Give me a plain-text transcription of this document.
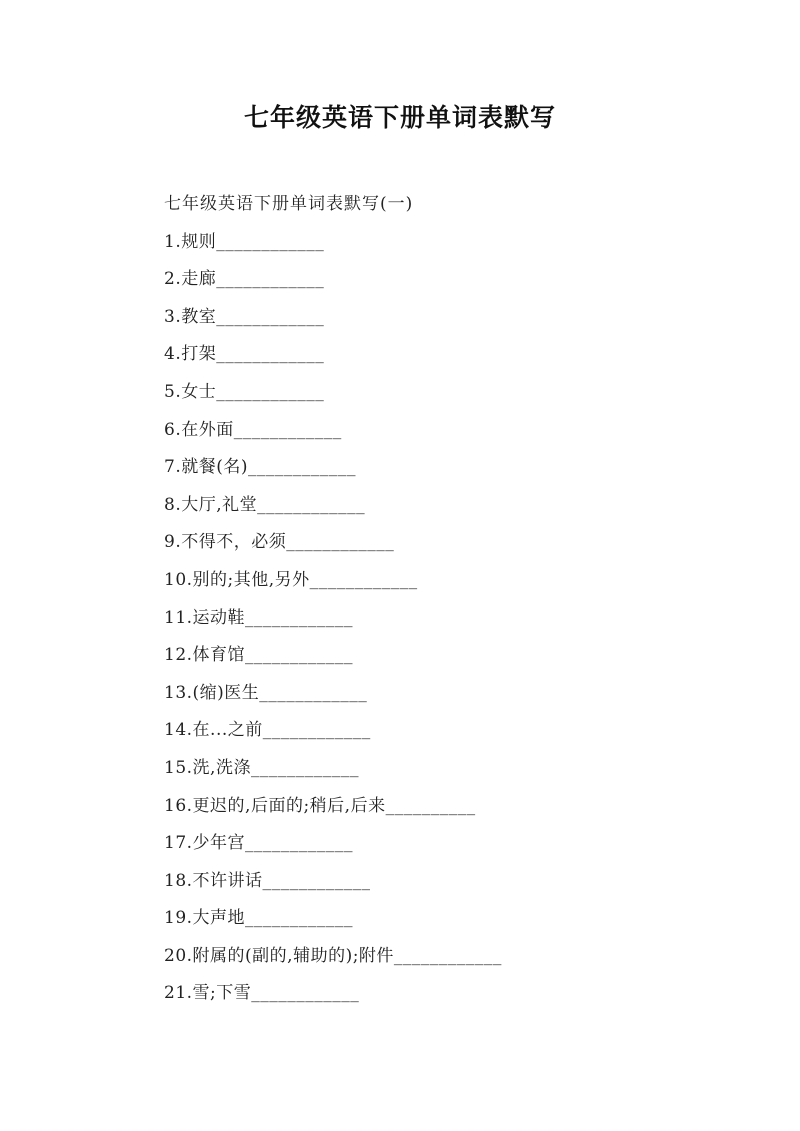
七年级英语下册单词表默写
七年级英语下册单词表默写(一)
1.规则____________
2.走廊____________
3.教室____________
4.打架____________
5.女士____________
6.在外面____________
7.就餐(名)____________
8.大厅,礼堂____________
9.不得不，必须____________
10.别的;其他,另外____________
11.运动鞋____________
12.体育馆____________
13.(缩)医生____________
14.在...之前____________
15.洗,洗涤____________
16.更迟的,后面的;稍后,后来__________
17.少年宫____________
18.不许讲话____________
19.大声地____________
20.附属的(副的,辅助的);附件____________
21.雪;下雪____________
